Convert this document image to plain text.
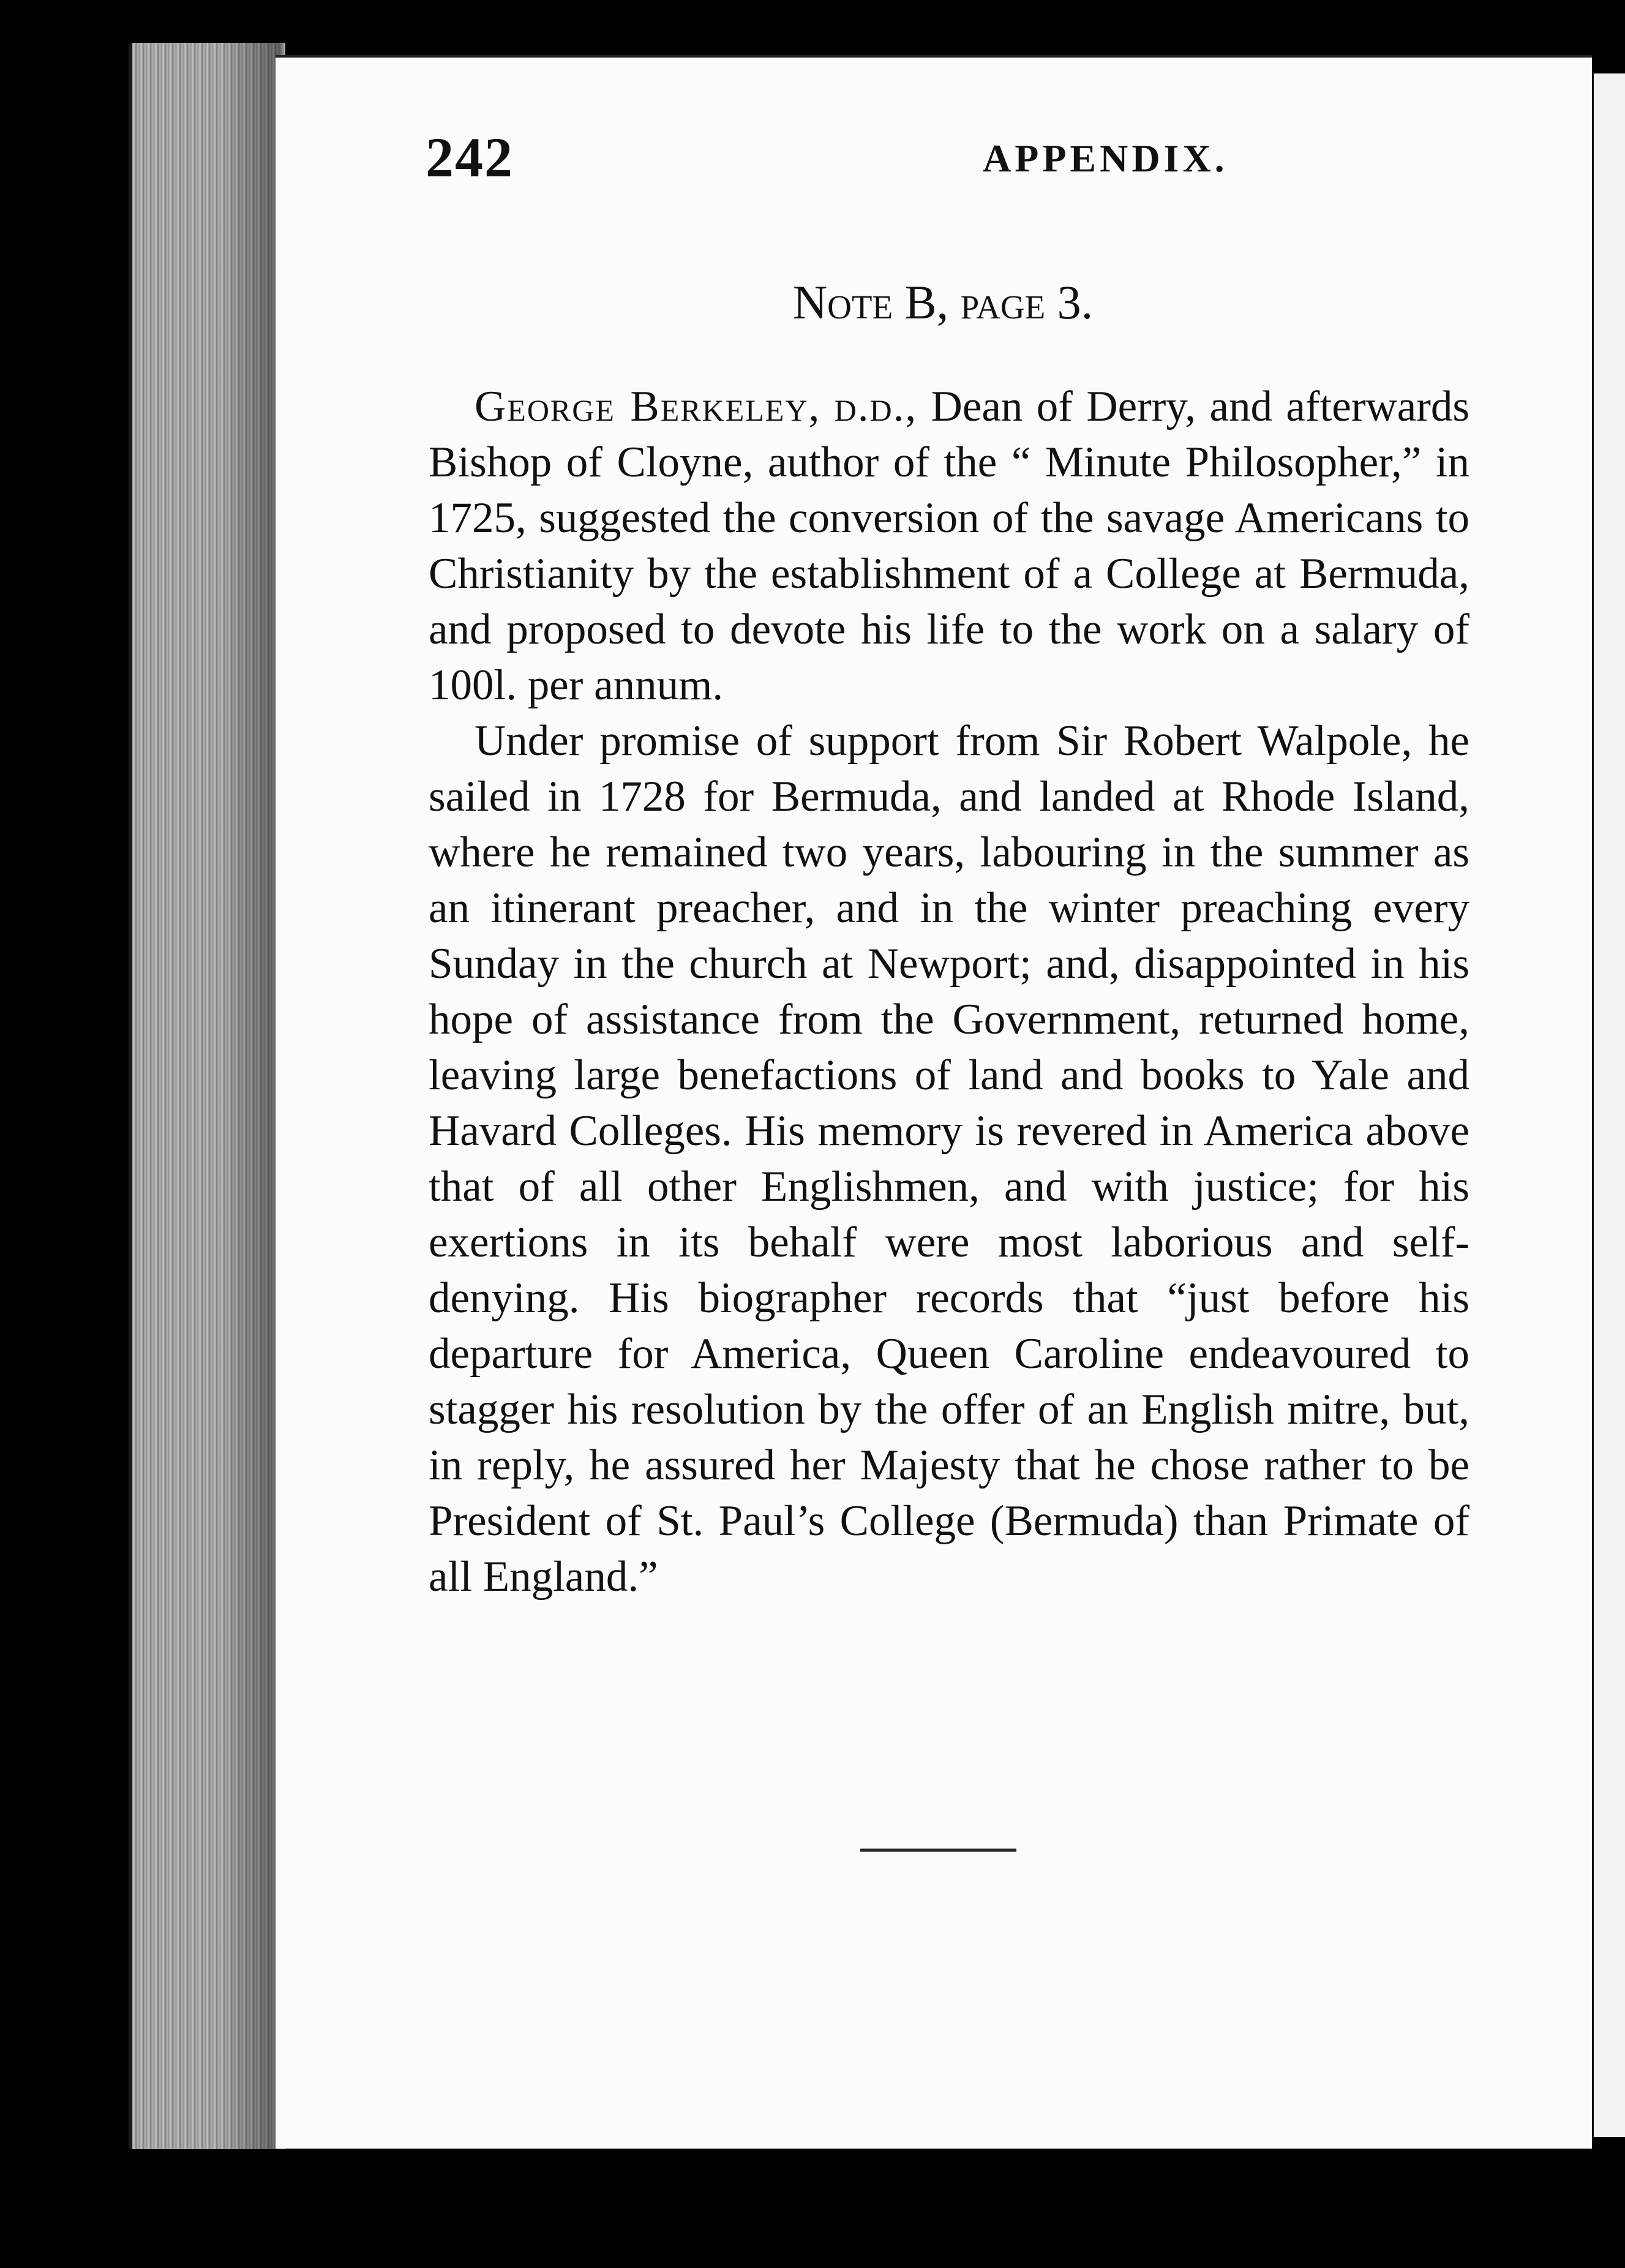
242	APPENDIX.
Note B, page 3.

George Berkeley, d.d., Dean of Derry, and afterwards Bishop of Cloyne, author of the “ Minute Philosopher,” in 1725, suggested the conversion of the savage Americans to Christianity by the establishment of a College at Bermuda, and proposed to devote his life to the work on a salary of 100l. per annum.

Under promise of support from Sir Robert Walpole, he sailed in 1728 for Bermuda, and landed at Rhode Island, where he remained two years, labouring in the summer as an itinerant preacher, and in the winter preaching every Sunday in the church at Newport; and, disappointed in his hope of assistance from the Government, returned home, leaving large benefactions of land and books to Yale and Havard Colleges. His memory is revered in America above that of all other Englishmen, and with justice; for his exertions in its behalf were most laborious and self-denying. His biographer records that “just before his departure for America, Queen Caroline endeavoured to stagger his resolution by the offer of an English mitre, but, in reply, he assured her Majesty that he chose rather to be President of St. Paul’s College (Bermuda) than Primate of all England.”
